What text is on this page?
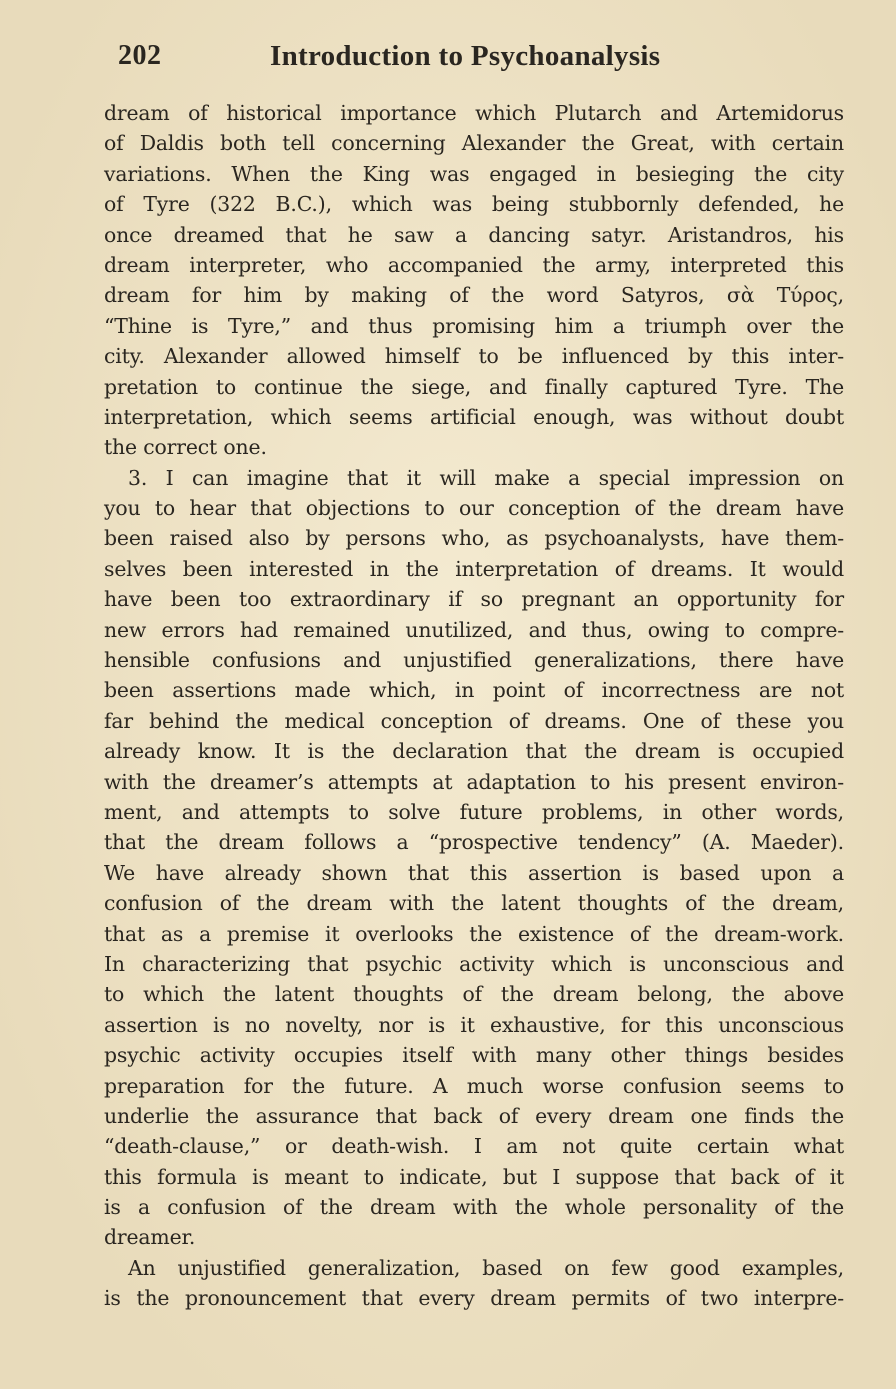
202	Introduction to Psychoanalysis
dream of historical importance which Plutarch and Artemidorus
of Daldis both tell concerning Alexander the Great, with certain
variations. When the King was engaged in besieging the city
of Tyre (322 B.C.), which was being stubbornly defended, he
once dreamed that he saw a dancing satyr. Aristandros, his
dream interpreter, who accompanied the army, interpreted this
dream for him by making of the word Satyros, σὰ Τύρος,
“Thine is Tyre,” and thus promising him a triumph over the
city. Alexander allowed himself to be influenced by this inter-
pretation to continue the siege, and finally captured Tyre. The
interpretation, which seems artificial enough, was without doubt
the correct one.
3. I can imagine that it will make a special impression on
you to hear that objections to our conception of the dream have
been raised also by persons who, as psychoanalysts, have them-
selves been interested in the interpretation of dreams. It would
have been too extraordinary if so pregnant an opportunity for
new errors had remained unutilized, and thus, owing to compre-
hensible confusions and unjustified generalizations, there have
been assertions made which, in point of incorrectness are not
far behind the medical conception of dreams. One of these you
already know. It is the declaration that the dream is occupied
with the dreamer’s attempts at adaptation to his present environ-
ment, and attempts to solve future problems, in other words,
that the dream follows a “prospective tendency” (A. Maeder).
We have already shown that this assertion is based upon a
confusion of the dream with the latent thoughts of the dream,
that as a premise it overlooks the existence of the dream-work.
In characterizing that psychic activity which is unconscious and
to which the latent thoughts of the dream belong, the above
assertion is no novelty, nor is it exhaustive, for this unconscious
psychic activity occupies itself with many other things besides
preparation for the future. A much worse confusion seems to
underlie the assurance that back of every dream one finds the
“death-clause,” or death-wish. I am not quite certain what
this formula is meant to indicate, but I suppose that back of it
is a confusion of the dream with the whole personality of the
dreamer.
An unjustified generalization, based on few good examples,
is the pronouncement that every dream permits of two interpre-
